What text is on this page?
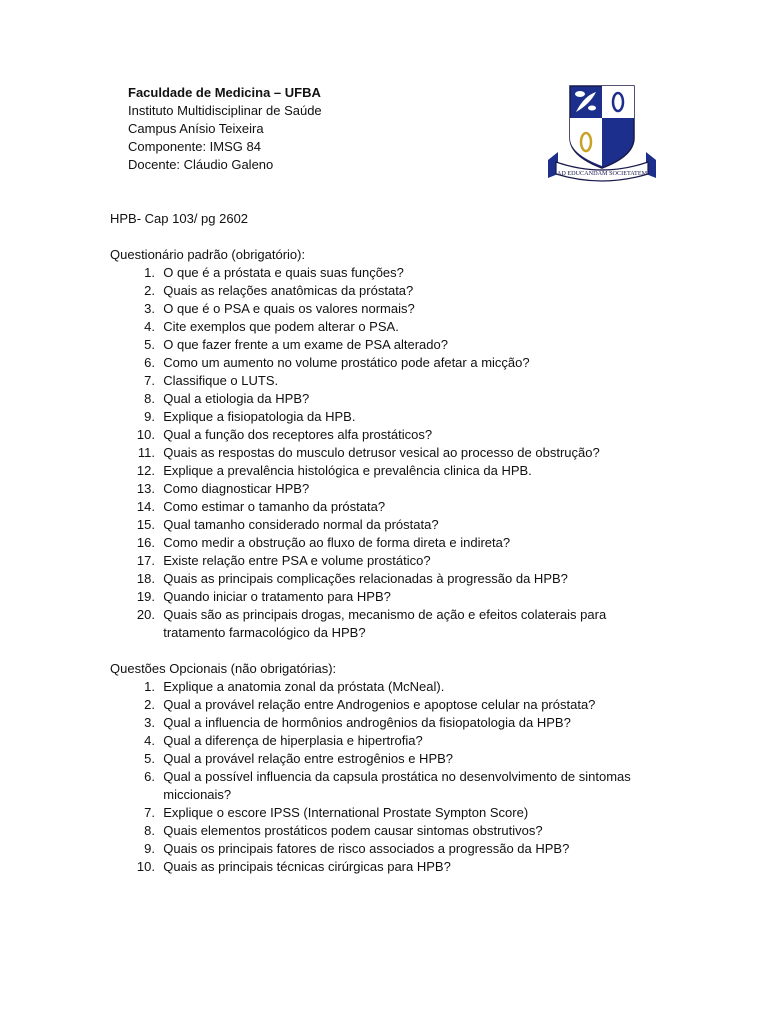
Faculdade de Medicina – UFBA
Instituto Multidisciplinar de Saúde
Campus Anísio Teixeira
Componente: IMSG 84
Docente: Cláudio Galeno
AD EDUCANDAM SOCIETATEM
HPB- Cap 103/ pg 2602
Questionário padrão (obrigatório):
1.
O que é a próstata e quais suas funções?
2.
Quais as relações anatômicas da próstata?
3.
O que é o PSA e quais os valores normais?
4.
Cite exemplos que podem alterar o PSA.
5.
O que fazer frente a um exame de PSA alterado?
6.
Como um aumento no volume prostático pode afetar a micção?
7.
Classifique o LUTS.
8.
Qual a etiologia da HPB?
9.
Explique a fisiopatologia da HPB.
10.
Qual a função dos receptores alfa prostáticos?
11.
Quais as respostas do musculo detrusor vesical ao processo de obstrução?
12.
Explique a prevalência histológica e prevalência clinica da HPB.
13.
Como diagnosticar HPB?
14.
Como estimar o tamanho da próstata?
15.
Qual tamanho considerado normal da próstata?
16.
Como medir a obstrução ao fluxo de forma direta e indireta?
17.
Existe relação entre PSA e volume prostático?
18.
Quais as principais complicações relacionadas à progressão da HPB?
19.
Quando iniciar o tratamento para HPB?
20.
Quais são as principais drogas, mecanismo de ação e efeitos colaterais para tratamento farmacológico da HPB?
Questões Opcionais (não obrigatórias):
1.
Explique a anatomia zonal da próstata (McNeal).
2.
Qual a provável relação entre Androgenios e apoptose celular na próstata?
3.
Qual a influencia de hormônios androgênios da fisiopatologia da HPB?
4.
Qual a diferença de hiperplasia e hipertrofia?
5.
Qual a provável relação entre estrogênios e HPB?
6.
Qual a possível influencia da capsula prostática no desenvolvimento de sintomas miccionais?
7.
Explique o escore IPSS (International Prostate Sympton Score)
8.
Quais elementos prostáticos podem causar sintomas obstrutivos?
9.
Quais os principais fatores de risco associados a progressão da HPB?
10.
Quais as principais técnicas cirúrgicas para HPB?
